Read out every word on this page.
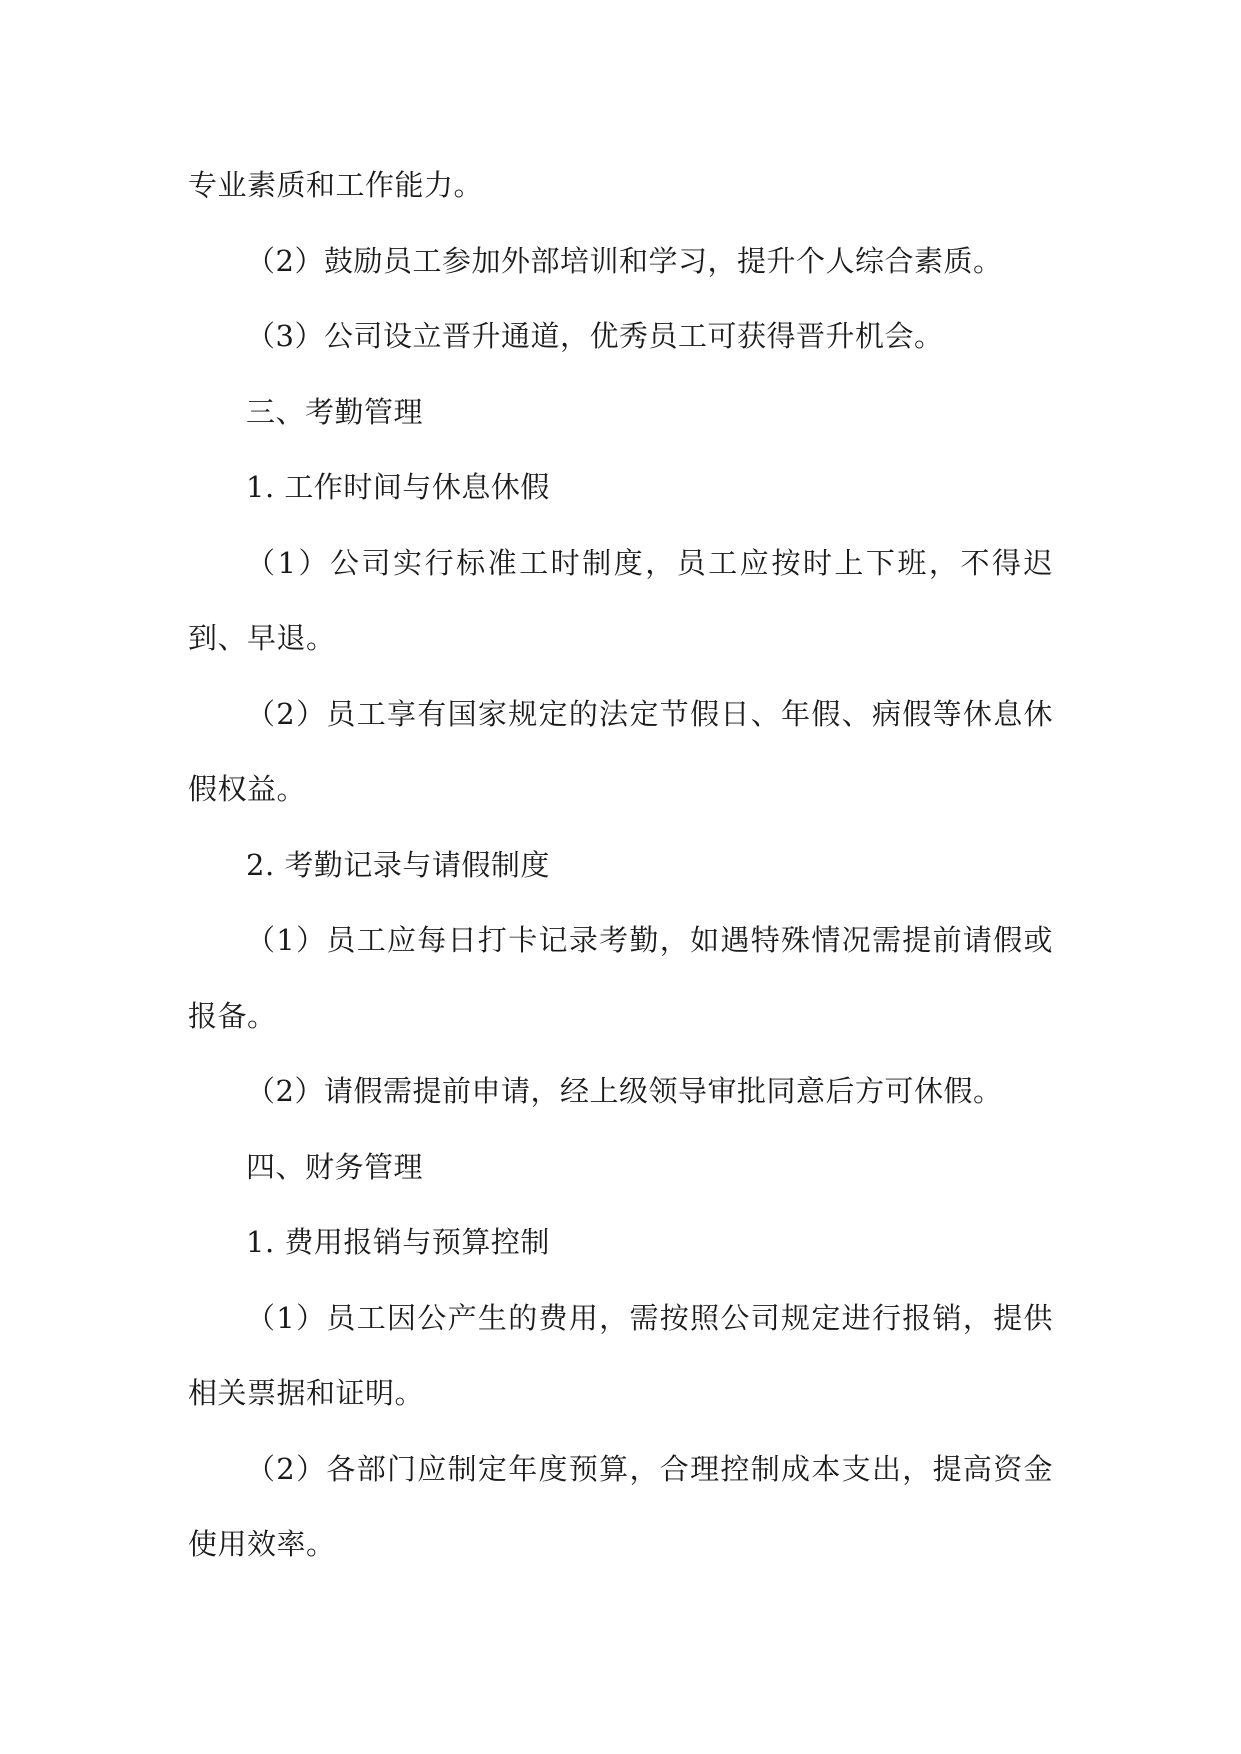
专业素质和工作能力。

（2）鼓励员工参加外部培训和学习，提升个人综合素质。

（3）公司设立晋升通道，优秀员工可获得晋升机会。

三、考勤管理

1. 工作时间与休息休假

（1）公司实行标准工时制度，员工应按时上下班，不得迟到、早退。

（2）员工享有国家规定的法定节假日、年假、病假等休息休假权益。

2. 考勤记录与请假制度

（1）员工应每日打卡记录考勤，如遇特殊情况需提前请假或报备。

（2）请假需提前申请，经上级领导审批同意后方可休假。

四、财务管理

1. 费用报销与预算控制

（1）员工因公产生的费用，需按照公司规定进行报销，提供相关票据和证明。

（2）各部门应制定年度预算，合理控制成本支出，提高资金使用效率。
